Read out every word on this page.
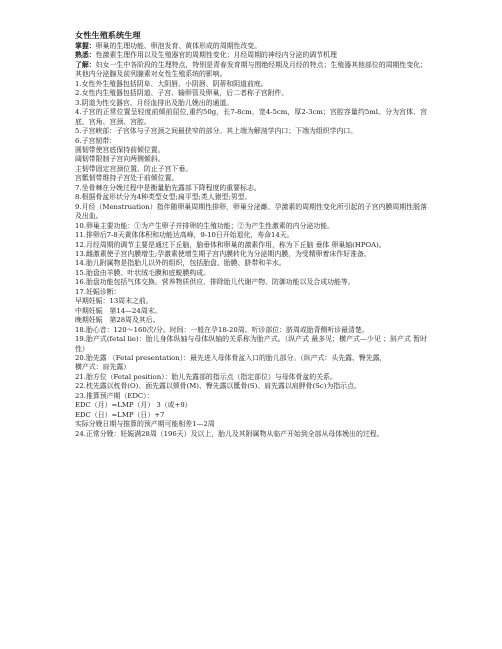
女性生殖系统生理

掌握：卵巢的生理功能、卵泡发育、黄体形成的周期性改变。

熟悉：性激素生理作用以及生殖器官的周期性变化；月经周期的神经内分泌的调节机理

了解：妇女一生中各阶段的生理特点，特别是青春发育期与围绝经期及月经的特点；生殖器其他部位的周期性变化；其他内分泌腺及前列腺素对女性生殖系统的影响。

1.女性外生殖器包括阴阜、大阴唇、小阴唇、阴蒂和阴道前庭。

2.女性内生殖器包括阴道、子宫、输卵管及卵巢，后二者称子宫附件。

3.阴道为性交器官、月经血排出及胎儿娩出的通道。

4.子宫的正常位置呈轻度前倾前屈位,重约50g，长7-8cm，宽4-5cm，厚2-3cm；宫腔容量约5ml。分为宫体、宫底、宫角、宫颈、宫腔。

5.子宫峡部：子宫体与子宫颈之间最狭窄的部分。其上端为解剖学内口；下端为组织学内口。

6.子宫韧带：

圆韧带使宫底保持前倾位置。

阔韧带限制子宫向两侧倾斜。

主韧带固定宫颈位置、防止子宫下垂。

宫骶韧带维持子宫处于前倾位置。

7.坐骨棘在分娩过程中是衡量胎先露部下降程度的重要标志。

8.根据骨盆形状分为4种类型女型;扁平型;类人猿型;男型。

9.月经（Menstruation）指伴随卵巢周期性排卵，卵巢分泌雌、孕激素的周期性变化所引起的子宫内膜周期性脱落及出血。

10.卵巢主要功能：①为产生卵子并排卵的生殖功能；②为产生性激素的内分泌功能。

11.排卵后7-8天黄体体积和功能达高峰，9-10日开始退化，寿命14天。

12.月经周期的调节主要是通过下丘脑，脑垂体和卵巢的激素作用，称为下丘脑 垂体 卵巢轴(HPOA)。

13.雌激素使子宫内膜增生;孕激素使增生期子宫内膜转化为分泌期内膜，为受精卵着床作好准备。

14.胎儿附属物是指胎儿以外的组织，包括胎盘、胎膜、脐带和羊水。

15.胎盘由羊膜、叶状绒毛膜和底蜕膜构成。

16.胎盘功能包括气体交换、营养物质供应、排除胎儿代谢产物、防御功能以及合成功能等。

17.妊娠诊断：

早期妊娠：13周末之前。

中期妊娠　第14—24周末。

晚期妊娠　第28周及其后。

18.胎心音：120～160次/分。时间：一般在孕18-20周。听诊部位：脐周或胎背侧听诊最清楚。

19.胎产式(fetal lie)：胎儿身体纵轴与母体纵轴的关系称为胎产式。（纵产式 最多见；横产式—少见 ；斜产式 暂时性）

20.胎先露 （Fetal presentation）：最先进入母体骨盆入口的胎儿部分。（纵产式：头先露、臀先露，

横产式：肩先露）

21.胎方位（Fetal position）：胎儿先露部的指示点（指定部位）与母体骨盆的关系。

22.枕先露以枕骨(O)、面先露以颏骨(M)、臀先露以骶骨(S)、肩先露以肩胛骨(Sc)为指示点。

23.推算预产期（EDC）：

EDC（月）=LMP（月） 3（或+9）

EDC（日）=LMP（日）+7

实际分娩日期与推算的预产期可能相差1—2周

24.正常分娩：妊娠满28周（196天）及以上，胎儿及其附属物从临产开始到全部从母体娩出的过程。
